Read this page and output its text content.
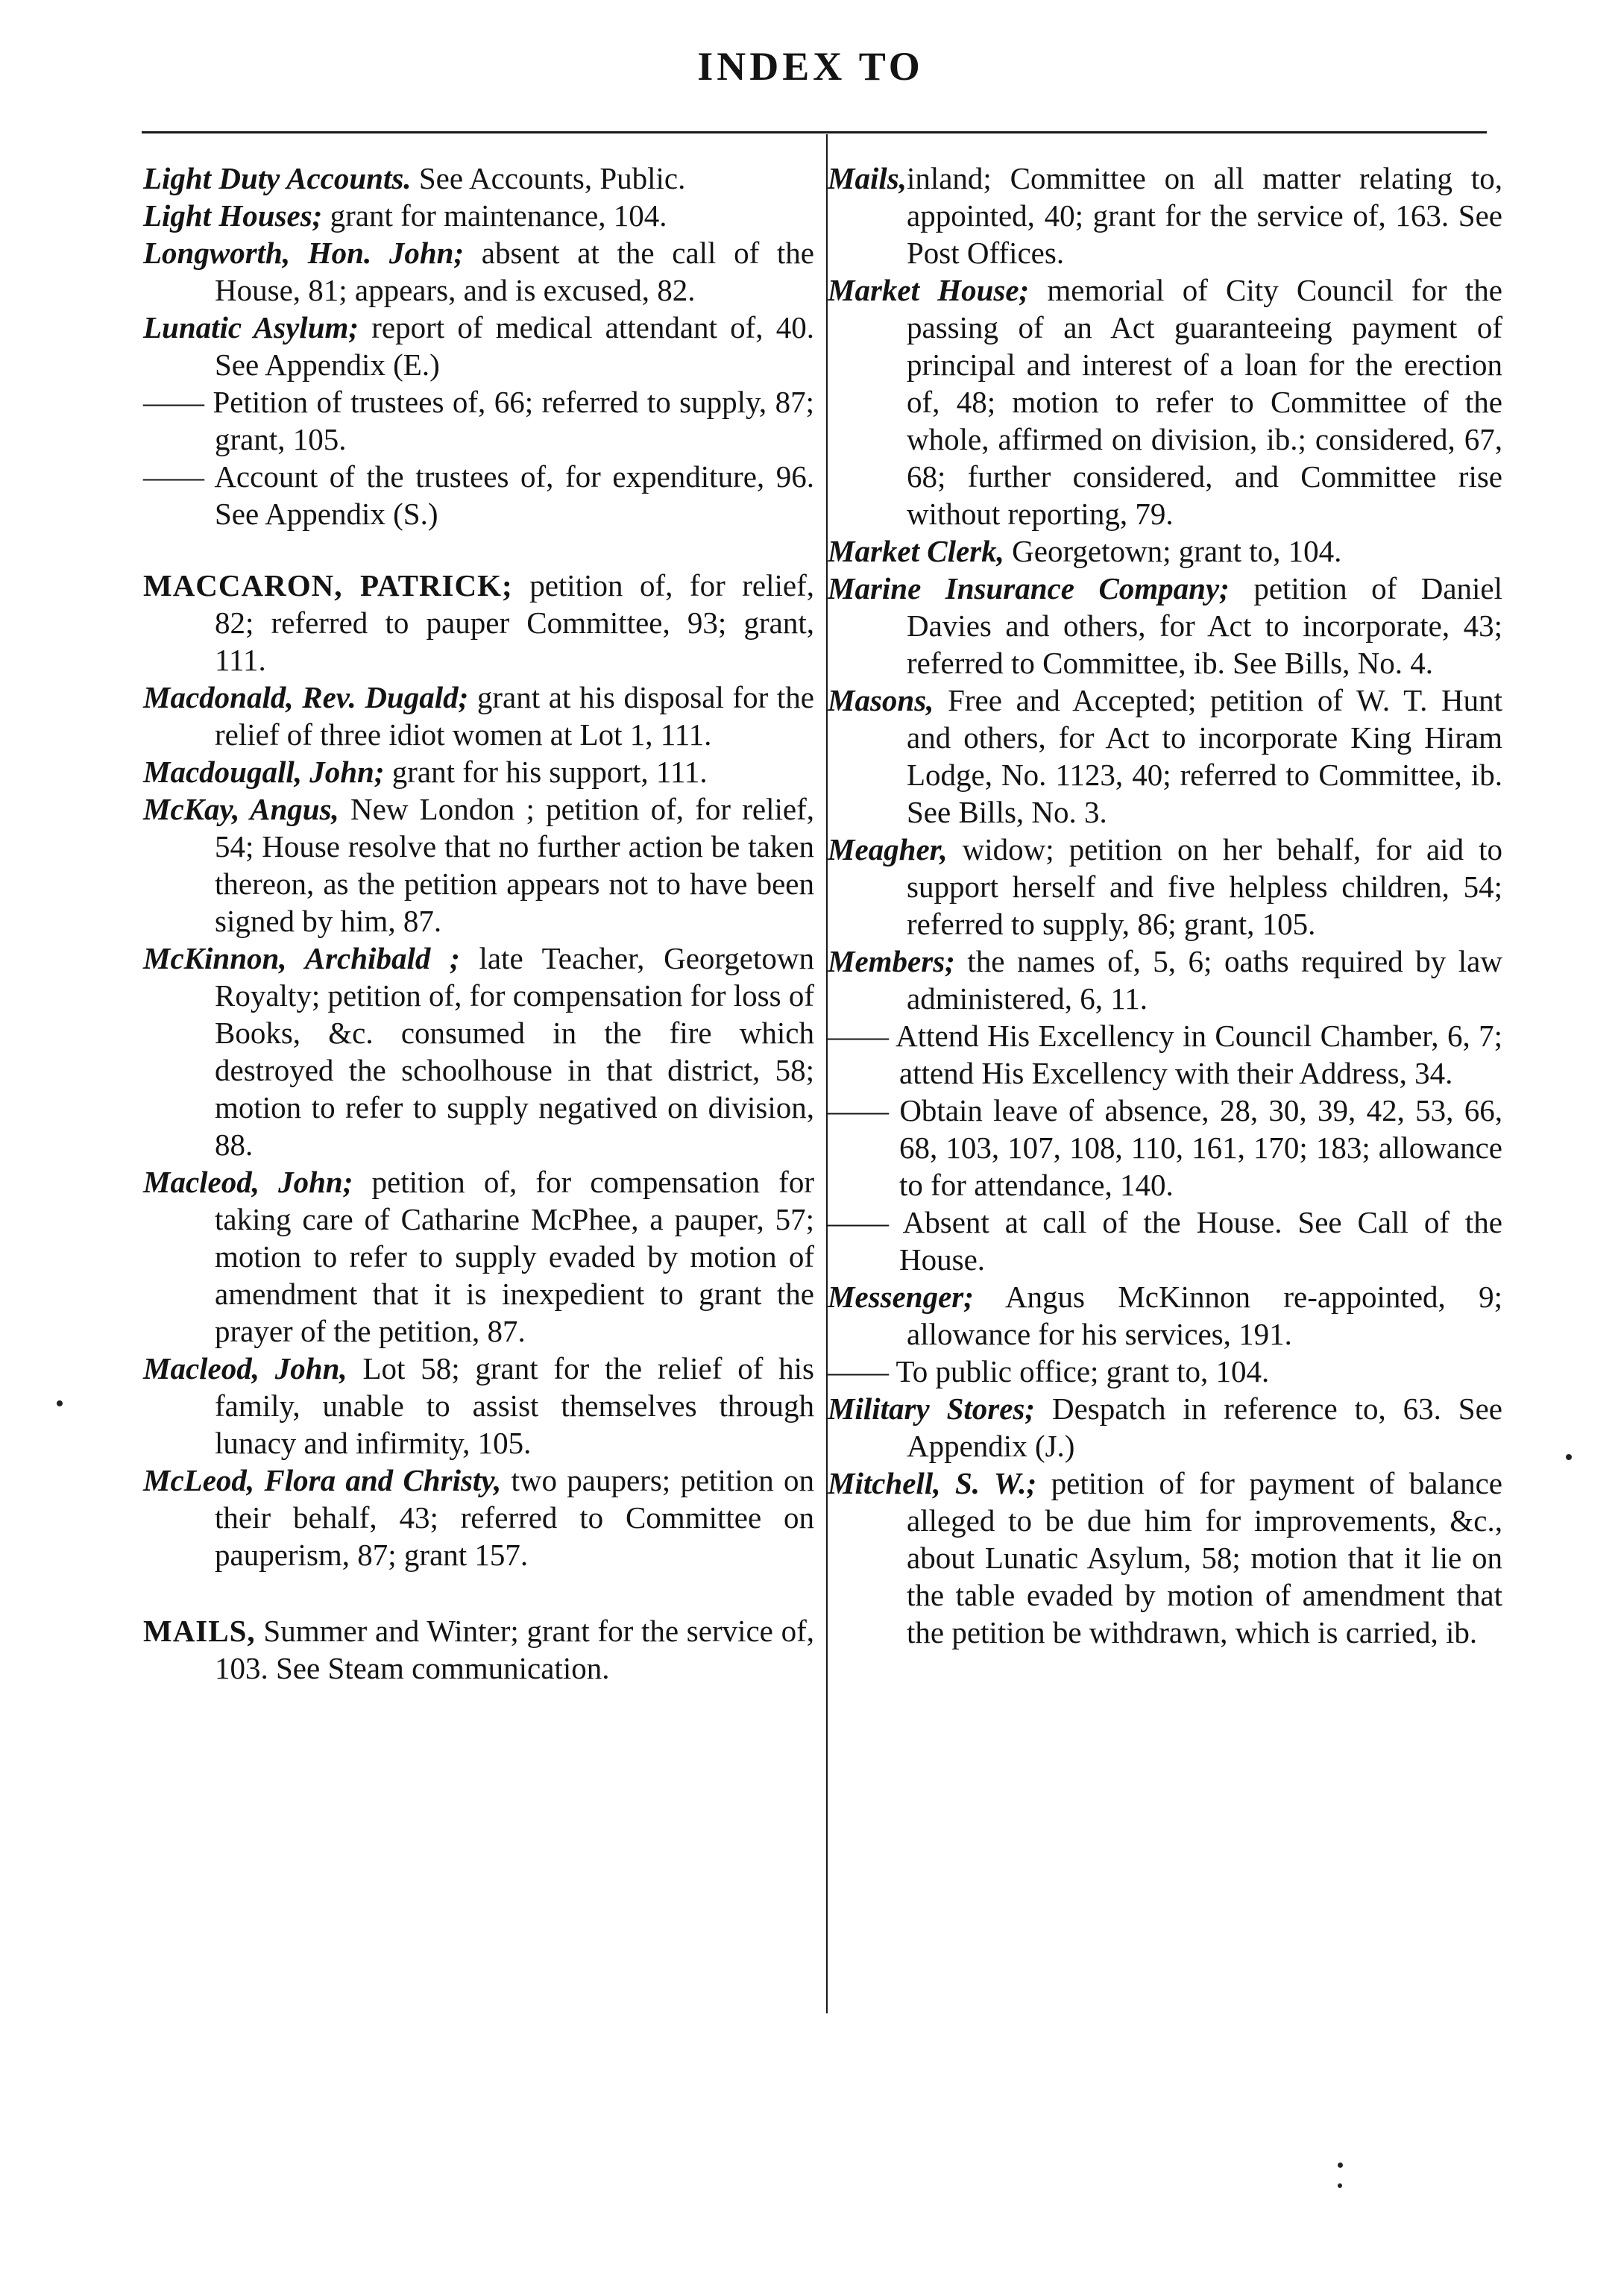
INDEX TO

Light Duty Accounts. See Accounts, Public.

Light Houses; grant for maintenance, 104.

Longworth, Hon. John; absent at the call of the House, 81; appears, and is excused, 82.

Lunatic Asylum; report of medical attendant of, 40. See Appendix (E.)

—— Petition of trustees of, 66; referred to supply, 87; grant, 105.

—— Account of the trustees of, for expenditure, 96. See Appendix (S.)

MACCARON, PATRICK; petition of, for relief, 82; referred to pauper Committee, 93; grant, 111.

Macdonald, Rev. Dugald; grant at his disposal for the relief of three idiot women at Lot 1, 111.

Macdougall, John; grant for his support, 111.

McKay, Angus, New London ; petition of, for relief, 54; House resolve that no further action be taken thereon, as the petition appears not to have been signed by him, 87.

McKinnon, Archibald ; late Teacher, Georgetown Royalty; petition of, for compensation for loss of Books, &c. consumed in the fire which destroyed the schoolhouse in that district, 58; motion to refer to supply negatived on division, 88.

Macleod, John; petition of, for compensation for taking care of Catharine McPhee, a pauper, 57; motion to refer to supply evaded by motion of amendment that it is inexpedient to grant the prayer of the petition, 87.

Macleod, John, Lot 58; grant for the relief of his family, unable to assist themselves through lunacy and infirmity, 105.

McLeod, Flora and Christy, two paupers; petition on their behalf, 43; referred to Committee on pauperism, 87; grant 157.

MAILS, Summer and Winter; grant for the service of, 103. See Steam communication.

Mails,inland; Committee on all matter relating to, appointed, 40; grant for the service of, 163. See Post Offices.

Market House; memorial of City Council for the passing of an Act guaranteeing payment of principal and interest of a loan for the erection of, 48; motion to refer to Committee of the whole, affirmed on division, ib.; considered, 67, 68; further considered, and Committee rise without reporting, 79.

Market Clerk, Georgetown; grant to, 104.

Marine Insurance Company; petition of Daniel Davies and others, for Act to incorporate, 43; referred to Committee, ib. See Bills, No. 4.

Masons, Free and Accepted; petition of W. T. Hunt and others, for Act to incorporate King Hiram Lodge, No. 1123, 40; referred to Committee, ib. See Bills, No. 3.

Meagher, widow; petition on her behalf, for aid to support herself and five helpless children, 54; referred to supply, 86; grant, 105.

Members; the names of, 5, 6; oaths required by law administered, 6, 11.

—— Attend His Excellency in Council Chamber, 6, 7; attend His Excellency with their Address, 34.

—— Obtain leave of absence, 28, 30, 39, 42, 53, 66, 68, 103, 107, 108, 110, 161, 170; 183; allowance to for attendance, 140.

—— Absent at call of the House. See Call of the House.

Messenger; Angus McKinnon re-appointed, 9; allowance for his services, 191.

—— To public office; grant to, 104.

Military Stores; Despatch in reference to, 63. See Appendix (J.)

Mitchell, S. W.; petition of for payment of balance alleged to be due him for improvements, &c., about Lunatic Asylum, 58; motion that it lie on the table evaded by motion of amendment that the petition be withdrawn, which is carried, ib.
